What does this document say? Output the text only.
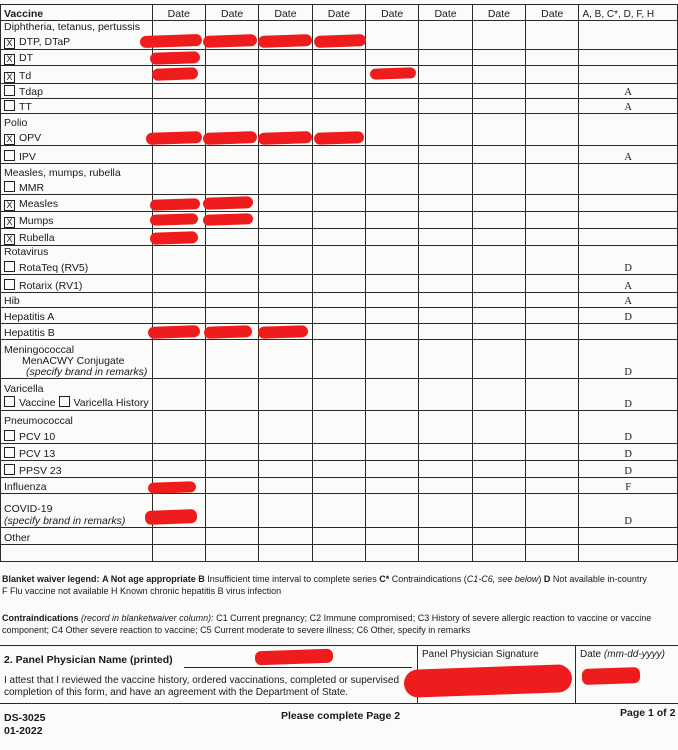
Vaccine	Date	Date	Date	Date	Date	Date	Date	Date	A, B, C*, D, F, H
Diphtheria, tetanus, pertussis									
X DTP, DTaP									
X DT									
X Td									
Tdap									A
TT									A
Polio									
X OPV									
IPV									A
Measles, mumps, rubella									
MMR									
X Measles									
X Mumps									
X Rubella									
Rotavirus									
RotaTeq (RV5)									D
Rotarix (RV1)									A
Hib									A
Hepatitis A									D
Hepatitis B									

Meningococcal
MenACWY Conjugate
(specify brand in remarks)									D

Varicella
Vaccine Varicella History									D
Pneumococcal									
PCV 10									D
PCV 13									D
PPSV 23									D
Influenza									F

COVID-19
(specify brand in remarks)									D
Other									

Blanket waiver legend: A Not age appropriate B Insufficient time interval to complete series C* Contraindications (C1-C6, see below) D Not available in-country
F Flu vaccine not available H Known chronic hepatitis B virus infection
Contraindications (record in blanketwaiver column): C1 Current pregnancy; C2 Immune compromised; C3 History of severe allergic reaction to vaccine or vaccine
component; C4 Other severe reaction to vaccine; C5 Current moderate to severe illness; C6 Other, specify in remarks
2. Panel Physician Name (printed)	Panel Physician Signature	Date (mm-dd-yyyy)
I attest that I reviewed the vaccine history, ordered vaccinations, completed or supervised
completion of this form, and have an agreement with the Department of State.
DS-3025
01-2022
Please complete Page 2	Page 1 of 2
